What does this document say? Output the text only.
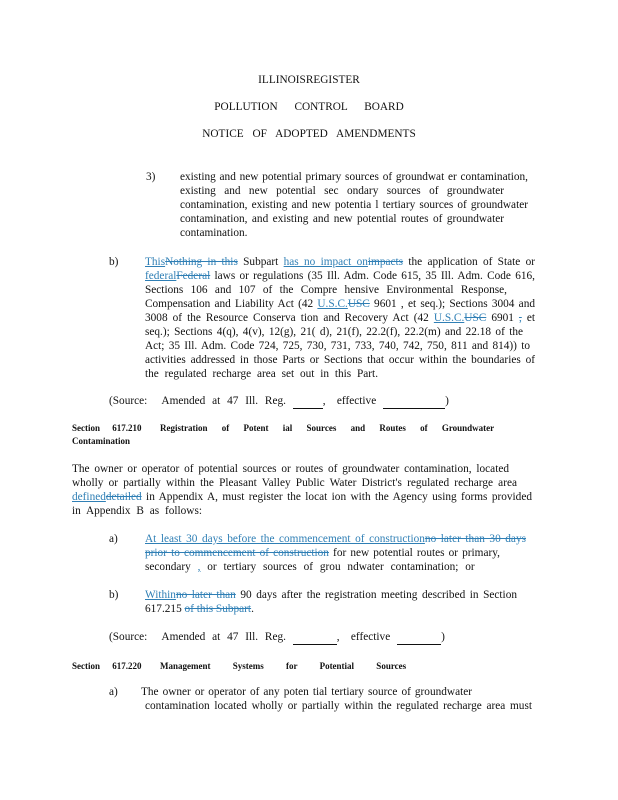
ILLINOISREGISTER
POLLUTION CONTROL BOARD
NOTICE OF ADOPTED AMENDMENTS
3) existing and new potential primary sources of groundwat er contamination,
existing and new potential sec ondary sources of groundwater
contamination, existing and new potentia l tertiary sources of groundwater
contamination, and existing and new potential routes of groundwater
contamination.
b) ThisNothing in this Subpart has no impact onimpacts the application of State or
federalFederal laws or regulations (35 Ill. Adm. Code 615, 35 Ill. Adm. Code 616,
Sections 106 and 107 of the Compre hensive Environmental Response,
Compensation and Liability Act (42 U.S.C.USC 9601 , et seq.); Sections 3004 and
3008 of the Resource Conserva tion and Recovery Act (42 U.S.C.USC 6901 , et
seq.); Sections 4(q), 4(v), 12(g), 21( d), 21(f), 22.2(f), 22.2(m) and 22.18 of the
Act; 35 Ill. Adm. Code 724, 725, 730, 731, 733, 740, 742, 750, 811 and 814)) to
activities addressed in those Parts or Sections that occur within the boundaries of
the regulated recharge area set out in this Part.
(Source: Amended at 47 Ill. Reg.	, effective	)
Section 617.210 Registration of Potent ial Sources and Routes of Groundwater
Contamination
The owner or operator of potential sources or routes of groundwater contamination, located
wholly or partially within the Pleasant Valley Public Water District's regulated recharge area
defineddetailed in Appendix A, must register the locat ion with the Agency using forms provided
in Appendix B as follows:
a) At least 30 days before the commencement of constructionno later than 30 days
prior to commencement of construction for new potential routes or primary,
secondary , or tertiary sources of grou ndwater contamination; or
b) Withinno later than 90 days after the registration meeting described in Section
617.215 of this Subpart.
(Source: Amended at 47 Ill. Reg.	, effective	)
Section 617.220 Management Systems for Potential Sources
a) The owner or operator of any poten tial tertiary source of groundwater
contamination located wholly or partially within the regulated recharge area must
